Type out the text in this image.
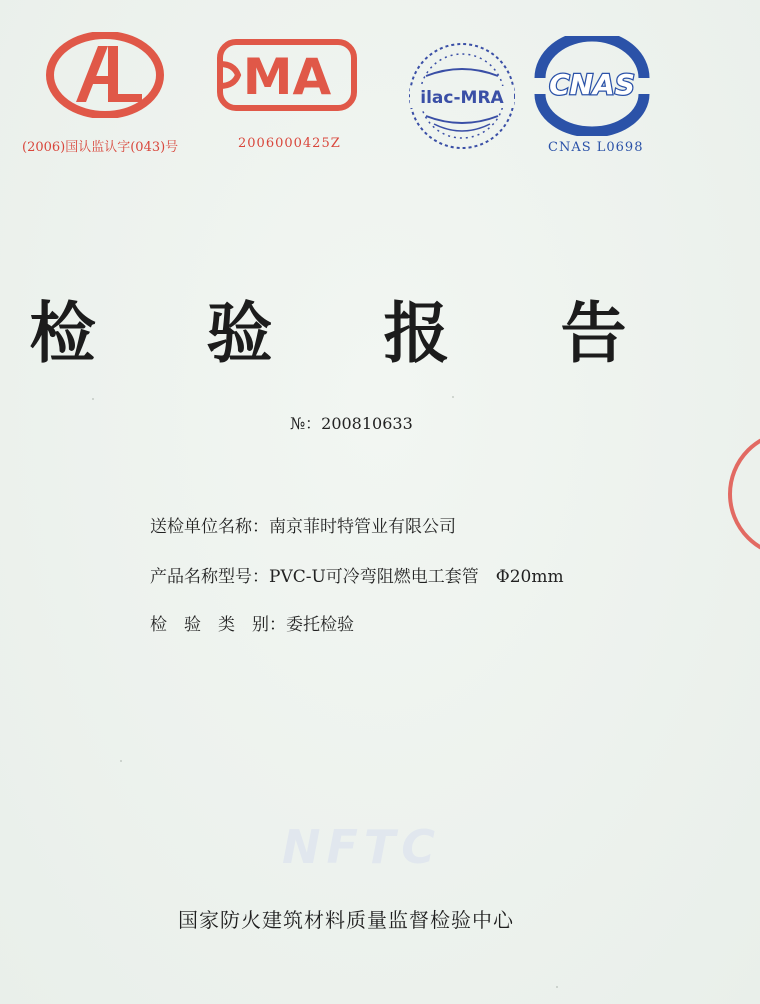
(2006)国认监认字(043)号
MA
2006000425Z
ilac-MRA CNAS
CNAS L0698
检 验 报 告
№：200810633
送检单位名称：南京菲时特管业有限公司
产品名称型号：PVC-U可冷弯阻燃电工套管　Φ20mm
检　验　类　别：委托检验
NFTC
国家防火建筑材料质量监督检验中心
